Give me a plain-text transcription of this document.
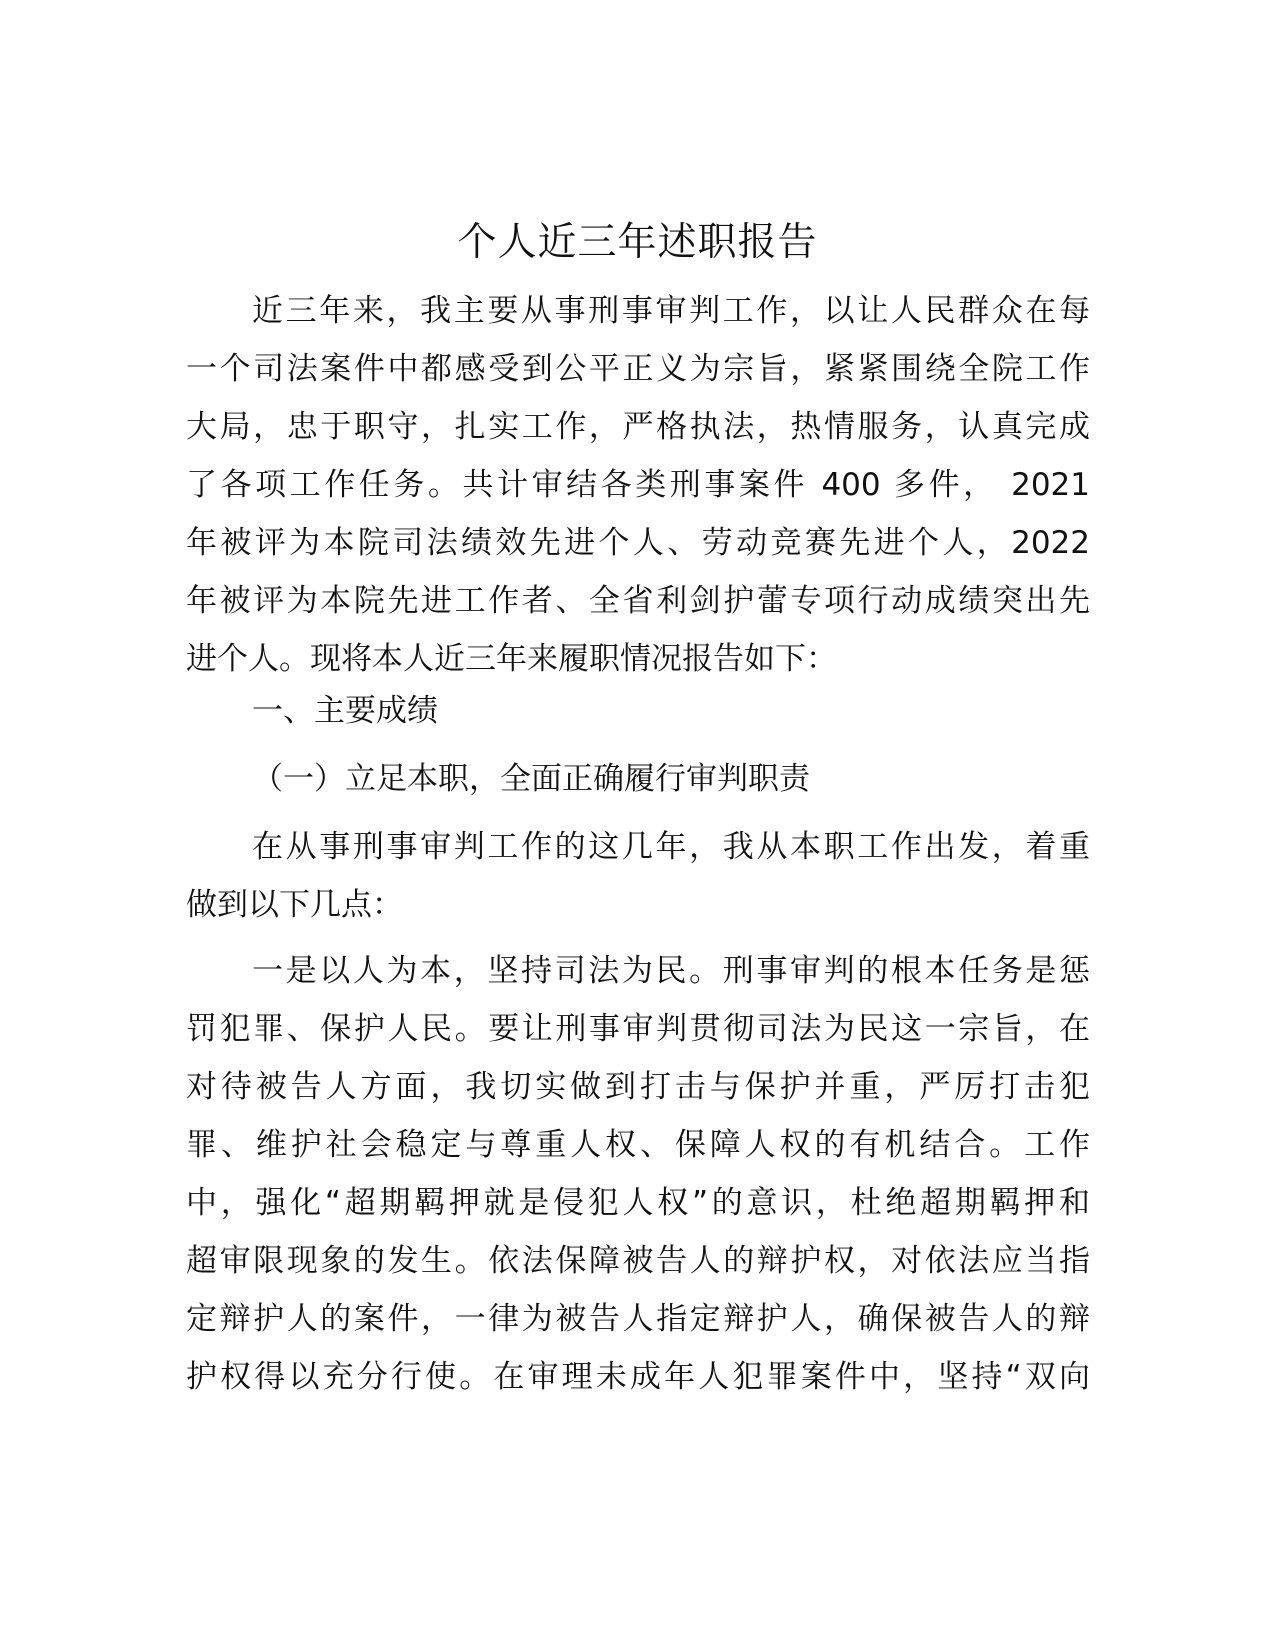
个人近三年述职报告
近三年来，我主要从事刑事审判工作，以让人民群众在每
一个司法案件中都感受到公平正义为宗旨，紧紧围绕全院工作
大局，忠于职守，扎实工作，严格执法，热情服务，认真完成
了各项工作任务。共计审结各类刑事案件 400 多件， 2021
年被评为本院司法绩效先进个人、劳动竞赛先进个人，2022
年被评为本院先进工作者、全省利剑护蕾专项行动成绩突出先
进个人。现将本人近三年来履职情况报告如下：
一、主要成绩
（一）立足本职，全面正确履行审判职责
在从事刑事审判工作的这几年，我从本职工作出发，着重
做到以下几点：
一是以人为本，坚持司法为民。刑事审判的根本任务是惩
罚犯罪、保护人民。要让刑事审判贯彻司法为民这一宗旨，在
对待被告人方面，我切实做到打击与保护并重，严厉打击犯
罪、维护社会稳定与尊重人权、保障人权的有机结合。工作
中，强化“超期羁押就是侵犯人权”的意识，杜绝超期羁押和
超审限现象的发生。依法保障被告人的辩护权，对依法应当指
定辩护人的案件，一律为被告人指定辩护人，确保被告人的辩
护权得以充分行使。在审理未成年人犯罪案件中，坚持“双向
